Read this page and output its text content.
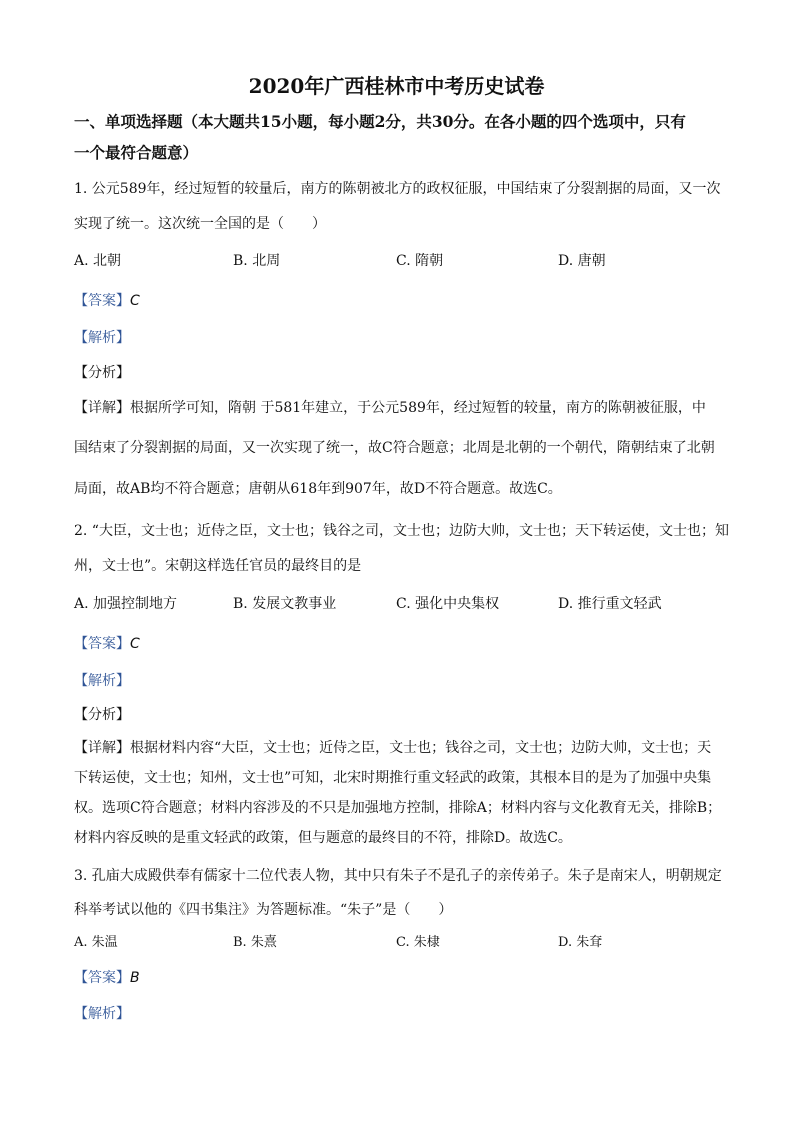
2020年广西桂林市中考历史试卷
一、单项选择题（本大题共15小题，每小题2分，共30分。在各小题的四个选项中，只有
一个最符合题意）
1. 公元589年，经过短暂的较量后，南方的陈朝被北方的政权征服，中国结束了分裂割据的局面，又一次
实现了统一。这次统一全国的是（　　）
A. 北朝	B. 北周	C. 隋朝	D. 唐朝
【答案】C
【解析】
【分析】
【详解】根据所学可知，隋朝 于581年建立，于公元589年，经过短暂的较量，南方的陈朝被征服，中
国结束了分裂割据的局面，又一次实现了统一，故C符合题意；北周是北朝的一个朝代，隋朝结束了北朝
局面，故AB均不符合题意；唐朝从618年到907年，故D不符合题意。故选C。
2. “大臣，文士也；近侍之臣，文士也；钱谷之司，文士也；边防大帅，文士也；天下转运使，文士也；知
州，文士也”。宋朝这样选任官员的最终目的是
A. 加强控制地方	B. 发展文教事业	C. 强化中央集权	D. 推行重文轻武
【答案】C
【解析】
【分析】
【详解】根据材料内容“大臣，文士也；近侍之臣，文士也；钱谷之司，文士也；边防大帅，文士也；天
下转运使，文士也；知州，文士也”可知，北宋时期推行重文轻武的政策，其根本目的是为了加强中央集
权。选项C符合题意；材料内容涉及的不只是加强地方控制，排除A；材料内容与文化教育无关，排除B；
材料内容反映的是重文轻武的政策，但与题意的最终目的不符，排除D。故选C。
3. 孔庙大成殿供奉有儒家十二位代表人物，其中只有朱子不是孔子的亲传弟子。朱子是南宋人，明朝规定
科举考试以他的《四书集注》为答题标准。“朱子”是（　　）
A. 朱温	B. 朱熹	C. 朱棣	D. 朱耷
【答案】B
【解析】
